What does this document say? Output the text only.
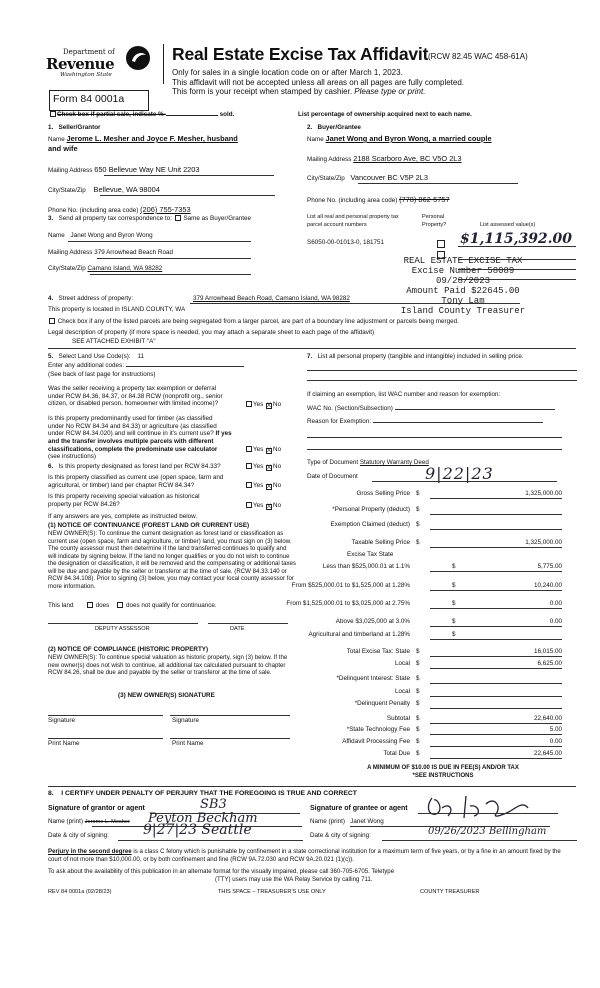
Department of
Revenue
Washington State
Real Estate Excise Tax Affidavit (RCW 82.45 WAC 458-61A)
Only for sales in a single location code on or after March 1, 2023.
This affidavit will not be accepted unless all areas on all pages are fully completed.
This form is your receipt when stamped by cashier. Please type or print.
Form 84 0001a
Check box if partial sale, indicate %-	sold.	List percentage of ownership acquired next to each name.
1. Seller/Grantor
Name Jerome L. Mesher and Joyce F. Mesher, husband
and wife
Mailing Address 650 Bellevue Way NE Unit 2203
City/State/Zip Bellevue, WA 98004
Phone No. (including area code) (206) 755-7353
2. Buyer/Grantee
Name Janet Wong and Byron Wong, a married couple
Mailing Address 2188 Scarboro Ave, BC V5O 2L3
City/State/Zip Vancouver BC V5P 2L3
Phone No. (including area code) (778) 862-5757
3. Send all property tax correspondence to: Same as Buyer/Grantee
Name Janet Wong and Byron Wong
Mailing Address 379 Arrowhead Beach Road
City/State/Zip Camano Island, WA 98282
List all real and personal property tax
parcel account numbers
Personal
Property?	List assessed value(s)
S6050-00-01013-0, 181751	$1,115,392.00
REAL ESTATE EXCISE TAX
Excise Number 58089
09/28/2023
Amount Paid $22645.00
Tony Lam
Island County Treasurer
4. Street address of property:	379 Arrowhead Beach Road, Camano Island, WA 98282
This property is located in ISLAND COUNTY, WA
Check box if any of the listed parcels are being segregated from a larger parcel, are part of a boundary line adjustment or parcels being merged.
Legal description of property (if more space is needed, you may attach a separate sheet to each page of the affidavit)
SEE ATTACHED EXHIBIT "A"
5. Select Land Use Code(s): 11
Enter any additional codes:
(See back of last page for instructions)
Was the seller receiving a property tax exemption or deferral
under RCW 84.36, 84.37, or 84.38 RCW (nonprofit org., senior
citizen, or disabled person, homeowner with limited income)?	Yes X No
Is this property predominantly used for timber (as classified
under No RCW 84.34 and 84.33) or agriculture (as classified
under RCW 84.34.020) and will continue in it's current use? If yes
and the transfer involves multiple parcels with different
classifications, complete the predominate use calculator
(see instructions)
Yes X No
6. Is this property designated as forest land per RCW 84.33?	Yes X No
Is this property classified as current use (open space, farm and
agricultural, or timber) land per chapter RCW 84.34?	Yes X No
Is this property receiving special valuation as historical
property per RCW 84.26?	Yes X No
If any answers are yes, complete as instructed below.
(1) NOTICE OF CONTINUANCE (FOREST LAND OR CURRENT USE)
NEW OWNER(S): To continue the current designation as forest land or classification as current use (open space, farm and agriculture, or timber) land, you must sign on (3) below. The county assessor must then determine if the land transferred continues to qualify and will indicate by signing below. If the land no longer qualifies or you do not wish to continue the designation or classification, it will be removed and the compensating or additional taxes will be due and payable by the seller or transferor at the time of sale. (RCW 84.33.140 or RCW 84.34.108). Prior to signing (3) below, you may contact your local county assessor for more information.
This land	does	does not qualify for continuance.
DEPUTY ASSESSOR	DATE
(2) NOTICE OF COMPLIANCE (HISTORIC PROPERTY)
NEW OWNER(S): To continue special valuation as historic property, sign (3) below. If the new owner(s) does not wish to continue, all additional tax calculated pursuant to chapter RCW 84.26, shall be due and payable by the seller or transferor at the time of sale.
(3) NEW OWNER(S) SIGNATURE
Signature	Signature
Print Name	Print Name
7. List all personal property (tangible and intangible) included in selling price.
If claiming an exemption, list WAC number and reason for exemption:
WAC No. (Section/Subsection)
Reason for Exemption:
Type of Document Statutory Warranty Deed
Date of Document	9|22|23
Gross Selling Price $	1,325,000.00
*Personal Property (deduct) $
Exemption Claimed (deduct) $
Taxable Selling Price $	1,325,000.00
Excise Tax State
Less than $525,000.01 at 1.1%	$	5,775.00
From $525,000.01 to $1,525,000 at 1.28%	$	10,240.00
From $1,525,000.01 to $3,025,000 at 2.75%	$	0.00
Above $3,025,000 at 3.0%	$	0.00
Agricultural and timberland at 1.28%	$
Total Excise Tax: State $	16,015.00
Local $	6,625.00
*Delinquent Interest: State $
Local $
*Delinquent Penalty $
Subtotal $	22,640.00
*State Technology Fee $	5.00
Affidavit Processing Fee $	0.00
Total Due $	22,645.00
A MINIMUM OF $10.00 IS DUE IN FEE(S) AND/OR TAX
*SEE INSTRUCTIONS
8. I CERTIFY UNDER PENALTY OF PERJURY THAT THE FOREGOING IS TRUE AND CORRECT
Signature of grantor or agent	SB3	Signature of grantee or agent
Name (print) Jerome L. Mesher Peyton Beckham	Name (print) Janet Wong
Date & city of signing: 9|27|23 Seattle	Date & city of signing:	09/26/2023 Bellingham
Perjury in the second degree is a class C felony which is punishable by confinement in a state correctional institution for a maximum term of five years, or by a fine in an amount fixed by the court of not more than $10,000.00, or by both confinement and fine (RCW 9A.72.030 and RCW 9A.20.021 (1)(c)).
To ask about the availability of this publication in an alternate format for the visually impaired, please call 360-705-6705. Teletype
(TTY) users may use the WA Relay Service by calling 711.
REV 84 0001a (02/28/23)	THIS SPACE – TREASURER'S USE ONLY	COUNTY TREASURER
